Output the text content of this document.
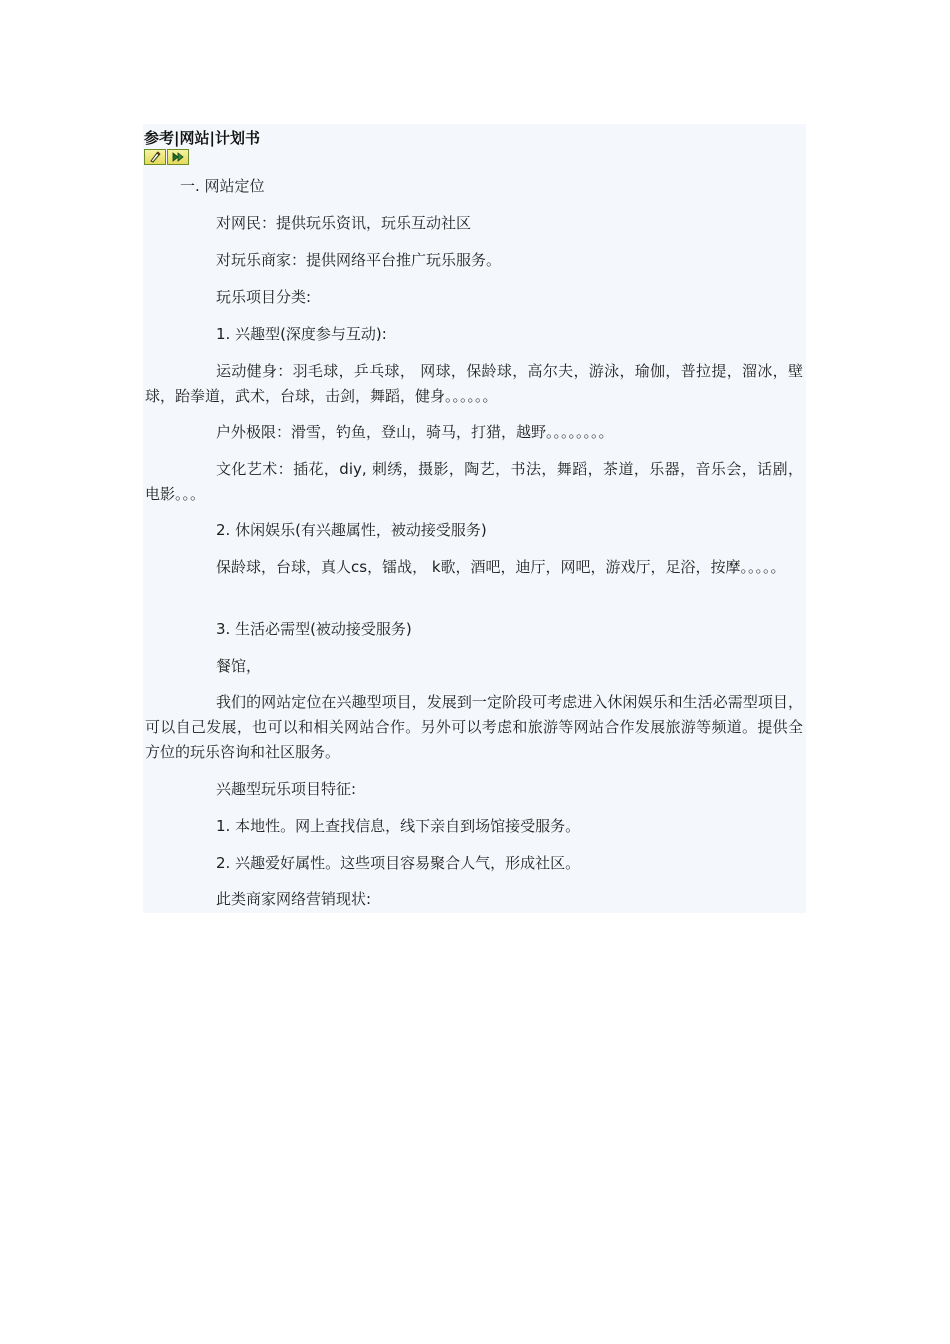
参考|网站|计划书
一. 网站定位
对网民：提供玩乐资讯，玩乐互动社区
对玩乐商家：提供网络平台推广玩乐服务。
玩乐项目分类:
1. 兴趣型(深度参与互动):
运动健身：羽毛球，乒乓球， 网球，保龄球，高尔夫，游泳，瑜伽，普拉提，溜冰，壁球，跆拳道，武术，台球，击剑，舞蹈，健身。。。。。。
户外极限：滑雪，钓鱼，登山，骑马，打猎，越野。。。。。。。。
文化艺术：插花，diy, 刺绣，摄影，陶艺，书法，舞蹈，茶道，乐器，音乐会，话剧，电影。。。
2. 休闲娱乐(有兴趣属性，被动接受服务)
保龄球，台球，真人cs，镭战， k歌，酒吧，迪厅，网吧，游戏厅，足浴，按摩。。。。。
3. 生活必需型(被动接受服务)
餐馆，
我们的网站定位在兴趣型项目，发展到一定阶段可考虑进入休闲娱乐和生活必需型项目，可以自己发展，也可以和相关网站合作。另外可以考虑和旅游等网站合作发展旅游等频道。提供全方位的玩乐咨询和社区服务。
兴趣型玩乐项目特征:
1. 本地性。网上查找信息，线下亲自到场馆接受服务。
2. 兴趣爱好属性。这些项目容易聚合人气，形成社区。
此类商家网络营销现状:
